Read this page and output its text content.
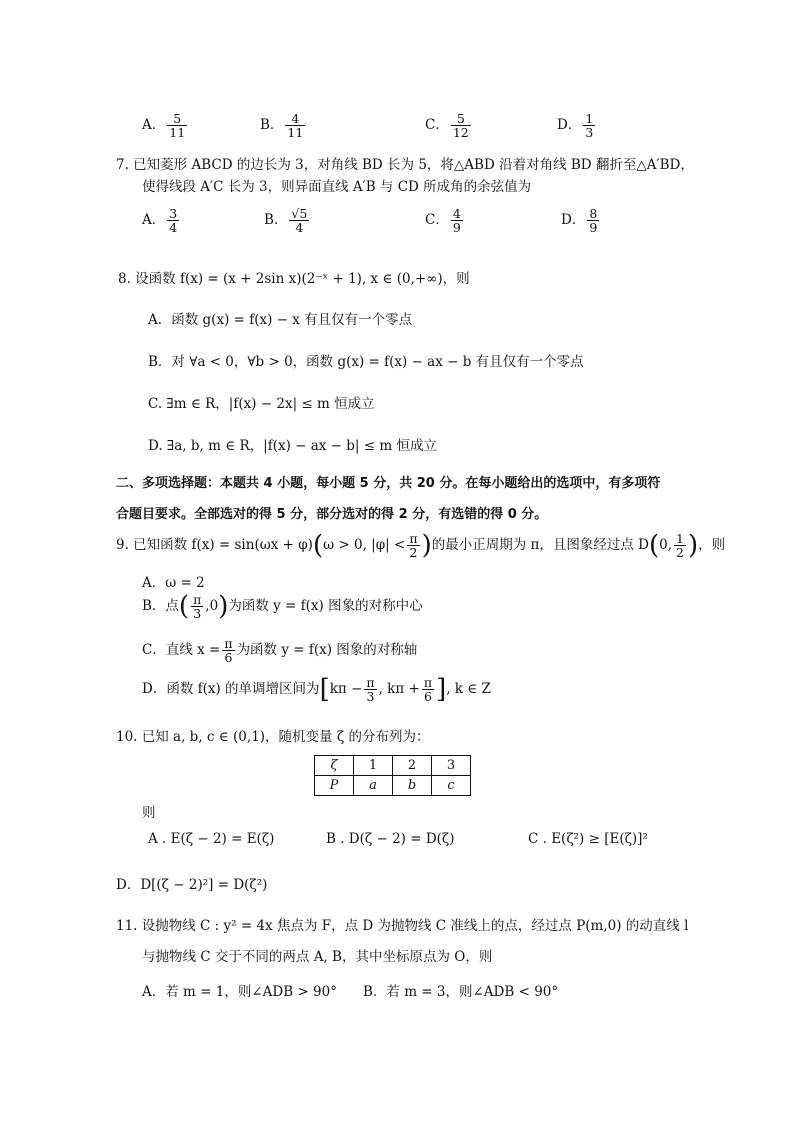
A． $\frac{5}{11}$	B． $\frac{4}{11}$	C． $\frac{5}{12}$	D． $\frac{1}{3}$
7. 已知菱形 ABCD 的边长为 3，对角线 BD 长为 5，将△ABD 沿着对角线 BD 翻折至△A′BD，
使得线段 A′C 长为 3，则异面直线 A′B 与 CD 所成角的余弦值为
A． $\frac{3}{4}$	B． $\frac{√5}{4}$	C． $\frac{4}{9}$	D． $\frac{8}{9}$
8. 设函数 f(x) = (x + 2sin x)(2⁻ˣ + 1), x ∈ (0,+∞)，则
A．函数 g(x) = f(x) − x 有且仅有一个零点
B．对 ∀a < 0，∀b > 0，函数 g(x) = f(x) − ax − b 有且仅有一个零点
C. ∃m ∈ R，|f(x) − 2x| ≤ m 恒成立
D. ∃a, b, m ∈ R，|f(x) − ax − b| ≤ m 恒成立
二、多项选择题：本题共 4 小题，每小题 5 分，共 20 分。在每小题给出的选项中，有多项符
合题目要求。全部选对的得 5 分，部分选对的得 2 分，有选错的得 0 分。
9. 已知函数 f(x) = sin(ωx + φ)(ω > 0, $|\varphi| < \frac{\pi}{2}$ )的最小正周期为 π，且图象经过点 D(0, $\frac{1}{2}$ )，则
A．ω = 2
B．点( $\frac{\pi}{3} ,0$)为函数 y = f(x) 图象的对称中心
C．直线 $x = \frac{\pi}{6}$ 为函数 y = f(x) 图象的对称轴
D．函数 f(x) 的单调增区间为[$k\pi - \frac{\pi}{3}$ , $k\pi + \frac{\pi}{6}$ ], k ∈ Z
10. 已知 a, b, c ∈ (0,1)，随机变量 ζ 的分布列为：
ζ	1	2	3
P	a	b	c
则
A . E(ζ − 2) = E(ζ)	B . D(ζ − 2) = D(ζ)	C . E(ζ²) ≥ [E(ζ)]²
D．D[(ζ − 2)²] = D(ζ²)
11. 设抛物线 C : y² = 4x 焦点为 F，点 D 为抛物线 C 准线上的点，经过点 P(m,0) 的动直线 l
与抛物线 C 交于不同的两点 A, B，其中坐标原点为 O，则
A．若 m = 1，则∠ADB > 90° B．若 m = 3，则∠ADB < 90°
